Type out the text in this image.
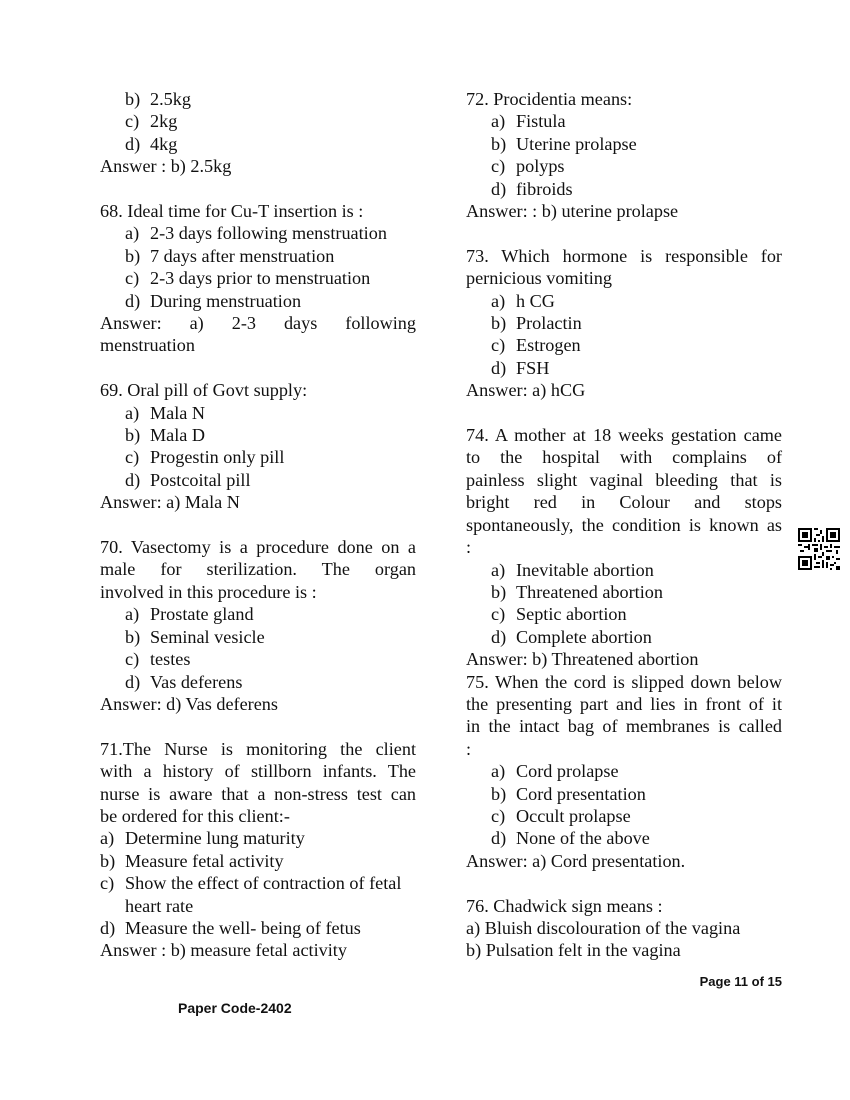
b) 2.5kg
c) 2kg
d) 4kg
Answer : b) 2.5kg
68. Ideal time for Cu-T insertion is :
a) 2-3 days following menstruation
b) 7 days after menstruation
c) 2-3 days prior to menstruation
d) During menstruation
Answer: a) 2-3 days following
menstruation
69. Oral pill of Govt supply:
a) Mala N
b) Mala D
c) Progestin only pill
d) Postcoital pill
Answer: a) Mala N
70. Vasectomy is a procedure done on a
male for sterilization. The organ
involved in this procedure is :
a) Prostate gland
b) Seminal vesicle
c) testes
d) Vas deferens
Answer: d) Vas deferens
71.The Nurse is monitoring the client
with a history of stillborn infants. The
nurse is aware that a non-stress test can
be ordered for this client:-
a) Determine lung maturity
b) Measure fetal activity
c) Show the effect of contraction of fetal
heart rate
d) Measure the well- being of fetus
Answer : b) measure fetal activity
72. Procidentia means:
a) Fistula
b) Uterine prolapse
c) polyps
d) fibroids
Answer: : b) uterine prolapse
73. Which hormone is responsible for
pernicious vomiting
a) h CG
b) Prolactin
c) Estrogen
d) FSH
Answer: a) hCG
74. A mother at 18 weeks gestation came
to the hospital with complains of
painless slight vaginal bleeding that is
bright red in Colour and stops
spontaneously, the condition is known as
:
a) Inevitable abortion
b) Threatened abortion
c) Septic abortion
d) Complete abortion
Answer: b) Threatened abortion
75. When the cord is slipped down below
the presenting part and lies in front of it
in the intact bag of membranes is called
:
a) Cord prolapse
b) Cord presentation
c) Occult prolapse
d) None of the above
Answer: a) Cord presentation.
76. Chadwick sign means :
a) Bluish discolouration of the vagina
b) Pulsation felt in the vagina
Page 11 of 15
Paper Code-2402
